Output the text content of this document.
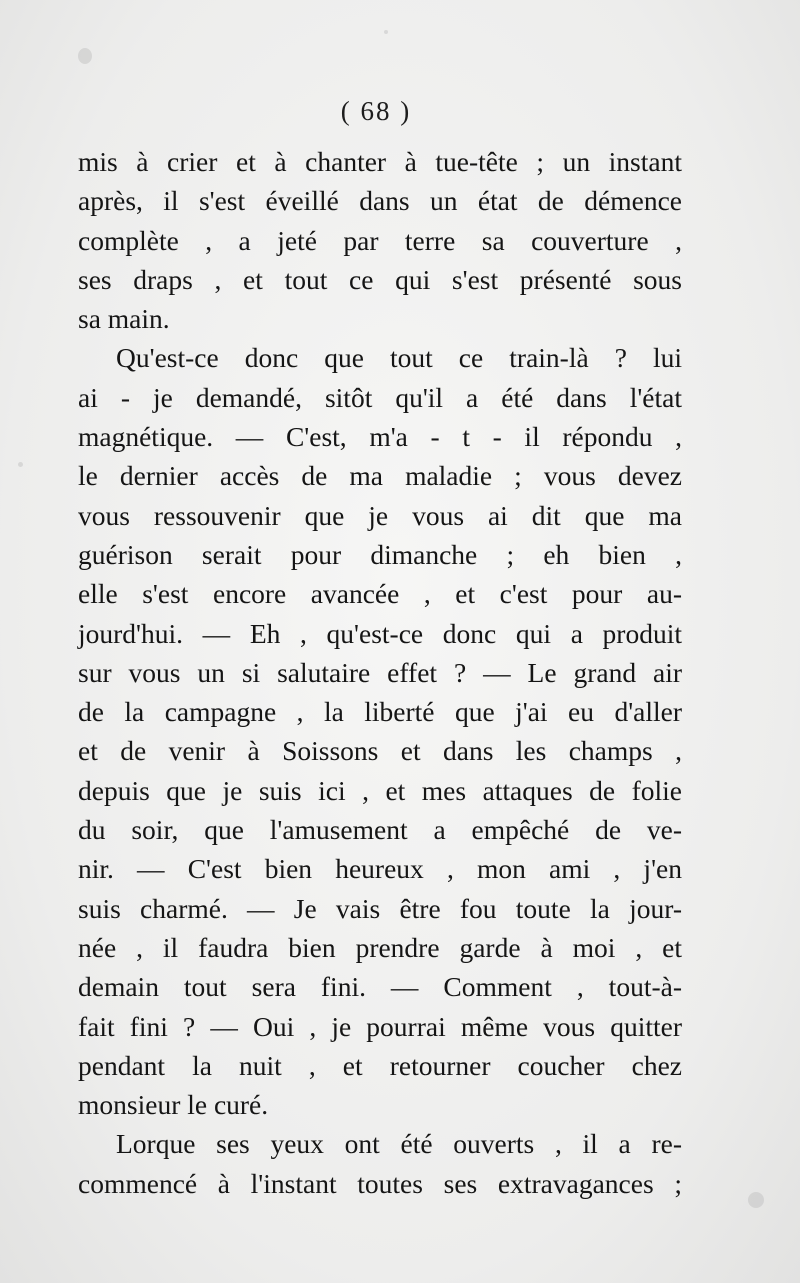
( 68 )
mis à crier et à chanter à tue-tête ; un instant
après, il s'est éveillé dans un état de démence
complète , a jeté par terre sa couverture ,
ses draps , et tout ce qui s'est présenté sous
sa main.
Qu'est-ce donc que tout ce train-là ? lui
ai - je demandé, sitôt qu'il a été dans l'état
magnétique. — C'est, m'a - t - il répondu ,
le dernier accès de ma maladie ; vous devez
vous ressouvenir que je vous ai dit que ma
guérison serait pour dimanche ; eh bien ,
elle s'est encore avancée , et c'est pour au-
jourd'hui. — Eh , qu'est-ce donc qui a produit
sur vous un si salutaire effet ? — Le grand air
de la campagne , la liberté que j'ai eu d'aller
et de venir à Soissons et dans les champs ,
depuis que je suis ici , et mes attaques de folie
du soir, que l'amusement a empêché de ve-
nir. — C'est bien heureux , mon ami , j'en
suis charmé. — Je vais être fou toute la jour-
née , il faudra bien prendre garde à moi , et
demain tout sera fini. — Comment , tout-à-
fait fini ? — Oui , je pourrai même vous quitter
pendant la nuit , et retourner coucher chez
monsieur le curé.
Lorque ses yeux ont été ouverts , il a re-
commencé à l'instant toutes ses extravagances ;
